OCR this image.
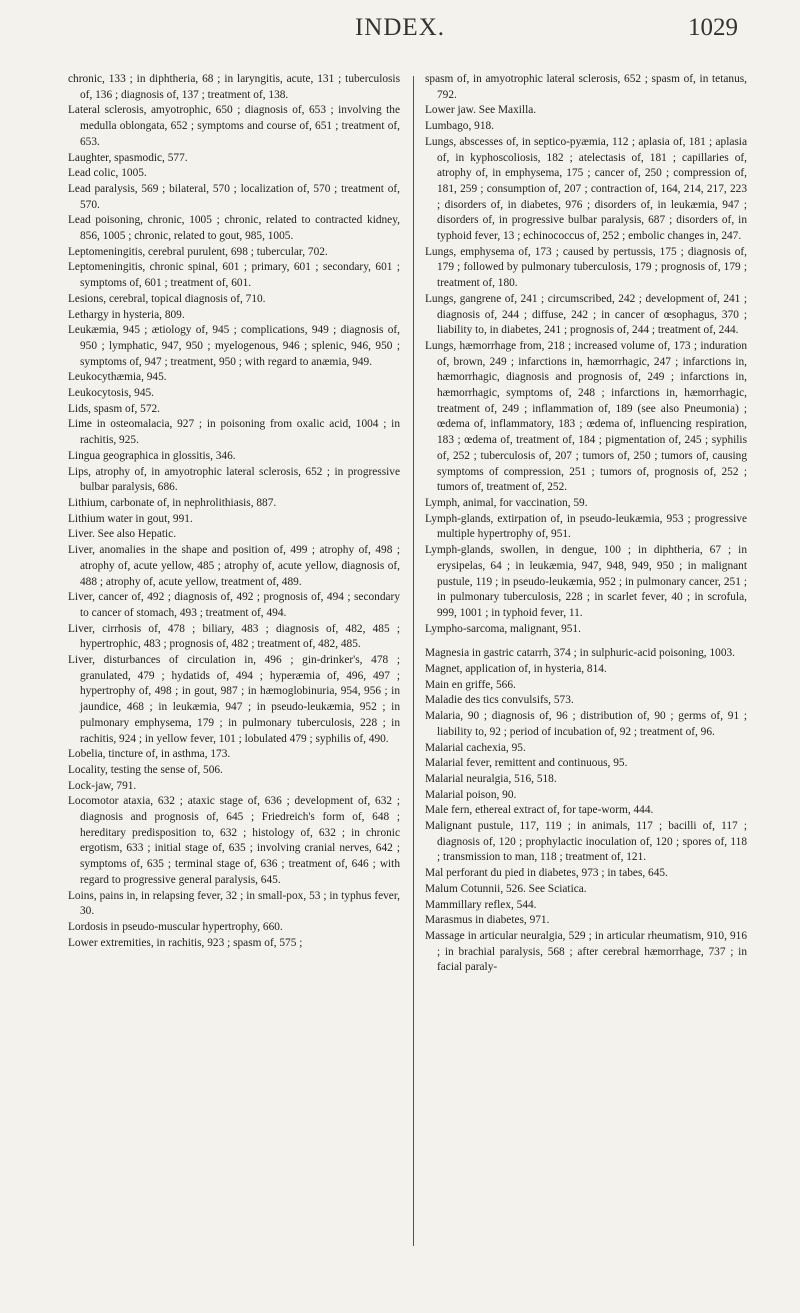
INDEX.	1029

chronic, 133 ; in diphtheria, 68 ; in laryngitis, acute, 131 ; tuberculosis of, 136 ; diagnosis of, 137 ; treatment of, 138.

Lateral sclerosis, amyotrophic, 650 ; diagnosis of, 653 ; involving the medulla oblongata, 652 ; symptoms and course of, 651 ; treatment of, 653.

Laughter, spasmodic, 577.

Lead colic, 1005.

Lead paralysis, 569 ; bilateral, 570 ; localization of, 570 ; treatment of, 570.

Lead poisoning, chronic, 1005 ; chronic, related to contracted kidney, 856, 1005 ; chronic, related to gout, 985, 1005.

Leptomeningitis, cerebral purulent, 698 ; tubercular, 702.

Leptomeningitis, chronic spinal, 601 ; primary, 601 ; secondary, 601 ; symptoms of, 601 ; treatment of, 601.

Lesions, cerebral, topical diagnosis of, 710.

Lethargy in hysteria, 809.

Leukæmia, 945 ; ætiology of, 945 ; complications, 949 ; diagnosis of, 950 ; lymphatic, 947, 950 ; myelogenous, 946 ; splenic, 946, 950 ; symptoms of, 947 ; treatment, 950 ; with regard to anæmia, 949.

Leukocythæmia, 945.

Leukocytosis, 945.

Lids, spasm of, 572.

Lime in osteomalacia, 927 ; in poisoning from oxalic acid, 1004 ; in rachitis, 925.

Lingua geographica in glossitis, 346.

Lips, atrophy of, in amyotrophic lateral sclerosis, 652 ; in progressive bulbar paralysis, 686.

Lithium, carbonate of, in nephrolithiasis, 887.

Lithium water in gout, 991.

Liver. See also Hepatic.

Liver, anomalies in the shape and position of, 499 ; atrophy of, 498 ; atrophy of, acute yellow, 485 ; atrophy of, acute yellow, diagnosis of, 488 ; atrophy of, acute yellow, treatment of, 489.

Liver, cancer of, 492 ; diagnosis of, 492 ; prognosis of, 494 ; secondary to cancer of stomach, 493 ; treatment of, 494.

Liver, cirrhosis of, 478 ; biliary, 483 ; diagnosis of, 482, 485 ; hypertrophic, 483 ; prognosis of, 482 ; treatment of, 482, 485.

Liver, disturbances of circulation in, 496 ; gin-drinker's, 478 ; granulated, 479 ; hydatids of, 494 ; hyperæmia of, 496, 497 ; hypertrophy of, 498 ; in gout, 987 ; in hæmoglobinuria, 954, 956 ; in jaundice, 468 ; in leukæmia, 947 ; in pseudo-leukæmia, 952 ; in pulmonary emphysema, 179 ; in pulmonary tuberculosis, 228 ; in rachitis, 924 ; in yellow fever, 101 ; lobulated 479 ; syphilis of, 490.

Lobelia, tincture of, in asthma, 173.

Locality, testing the sense of, 506.

Lock-jaw, 791.

Locomotor ataxia, 632 ; ataxic stage of, 636 ; development of, 632 ; diagnosis and prognosis of, 645 ; Friedreich's form of, 648 ; hereditary predisposition to, 632 ; histology of, 632 ; in chronic ergotism, 633 ; initial stage of, 635 ; involving cranial nerves, 642 ; symptoms of, 635 ; terminal stage of, 636 ; treatment of, 646 ; with regard to progressive general paralysis, 645.

Loins, pains in, in relapsing fever, 32 ; in small-pox, 53 ; in typhus fever, 30.

Lordosis in pseudo-muscular hypertrophy, 660.

Lower extremities, in rachitis, 923 ; spasm of, 575 ;

spasm of, in amyotrophic lateral sclerosis, 652 ; spasm of, in tetanus, 792.

Lower jaw. See Maxilla.

Lumbago, 918.

Lungs, abscesses of, in septico-pyæmia, 112 ; aplasia of, 181 ; aplasia of, in kyphoscoliosis, 182 ; atelectasis of, 181 ; capillaries of, atrophy of, in emphysema, 175 ; cancer of, 250 ; compression of, 181, 259 ; consumption of, 207 ; contraction of, 164, 214, 217, 223 ; disorders of, in diabetes, 976 ; disorders of, in leukæmia, 947 ; disorders of, in progressive bulbar paralysis, 687 ; disorders of, in typhoid fever, 13 ; echinococcus of, 252 ; embolic changes in, 247.

Lungs, emphysema of, 173 ; caused by pertussis, 175 ; diagnosis of, 179 ; followed by pulmonary tuberculosis, 179 ; prognosis of, 179 ; treatment of, 180.

Lungs, gangrene of, 241 ; circumscribed, 242 ; development of, 241 ; diagnosis of, 244 ; diffuse, 242 ; in cancer of œsophagus, 370 ; liability to, in diabetes, 241 ; prognosis of, 244 ; treatment of, 244.

Lungs, hæmorrhage from, 218 ; increased volume of, 173 ; induration of, brown, 249 ; infarctions in, hæmorrhagic, 247 ; infarctions in, hæmorrhagic, diagnosis and prognosis of, 249 ; infarctions in, hæmorrhagic, symptoms of, 248 ; infarctions in, hæmorrhagic, treatment of, 249 ; inflammation of, 189 (see also Pneumonia) ; œdema of, inflammatory, 183 ; œdema of, influencing respiration, 183 ; œdema of, treatment of, 184 ; pigmentation of, 245 ; syphilis of, 252 ; tuberculosis of, 207 ; tumors of, 250 ; tumors of, causing symptoms of compression, 251 ; tumors of, prognosis of, 252 ; tumors of, treatment of, 252.

Lymph, animal, for vaccination, 59.

Lymph-glands, extirpation of, in pseudo-leukæmia, 953 ; progressive multiple hypertrophy of, 951.

Lymph-glands, swollen, in dengue, 100 ; in diphtheria, 67 ; in erysipelas, 64 ; in leukæmia, 947, 948, 949, 950 ; in malignant pustule, 119 ; in pseudo-leukæmia, 952 ; in pulmonary cancer, 251 ; in pulmonary tuberculosis, 228 ; in scarlet fever, 40 ; in scrofula, 999, 1001 ; in typhoid fever, 11.

Lympho-sarcoma, malignant, 951.

Magnesia in gastric catarrh, 374 ; in sulphuric-acid poisoning, 1003.

Magnet, application of, in hysteria, 814.

Main en griffe, 566.

Maladie des tics convulsifs, 573.

Malaria, 90 ; diagnosis of, 96 ; distribution of, 90 ; germs of, 91 ; liability to, 92 ; period of incubation of, 92 ; treatment of, 96.

Malarial cachexia, 95.

Malarial fever, remittent and continuous, 95.

Malarial neuralgia, 516, 518.

Malarial poison, 90.

Male fern, ethereal extract of, for tape-worm, 444.

Malignant pustule, 117, 119 ; in animals, 117 ; bacilli of, 117 ; diagnosis of, 120 ; prophylactic inoculation of, 120 ; spores of, 118 ; transmission to man, 118 ; treatment of, 121.

Mal perforant du pied in diabetes, 973 ; in tabes, 645.

Malum Cotunnii, 526. See Sciatica.

Mammillary reflex, 544.

Marasmus in diabetes, 971.

Massage in articular neuralgia, 529 ; in articular rheumatism, 910, 916 ; in brachial paralysis, 568 ; after cerebral hæmorrhage, 737 ; in facial paraly-
